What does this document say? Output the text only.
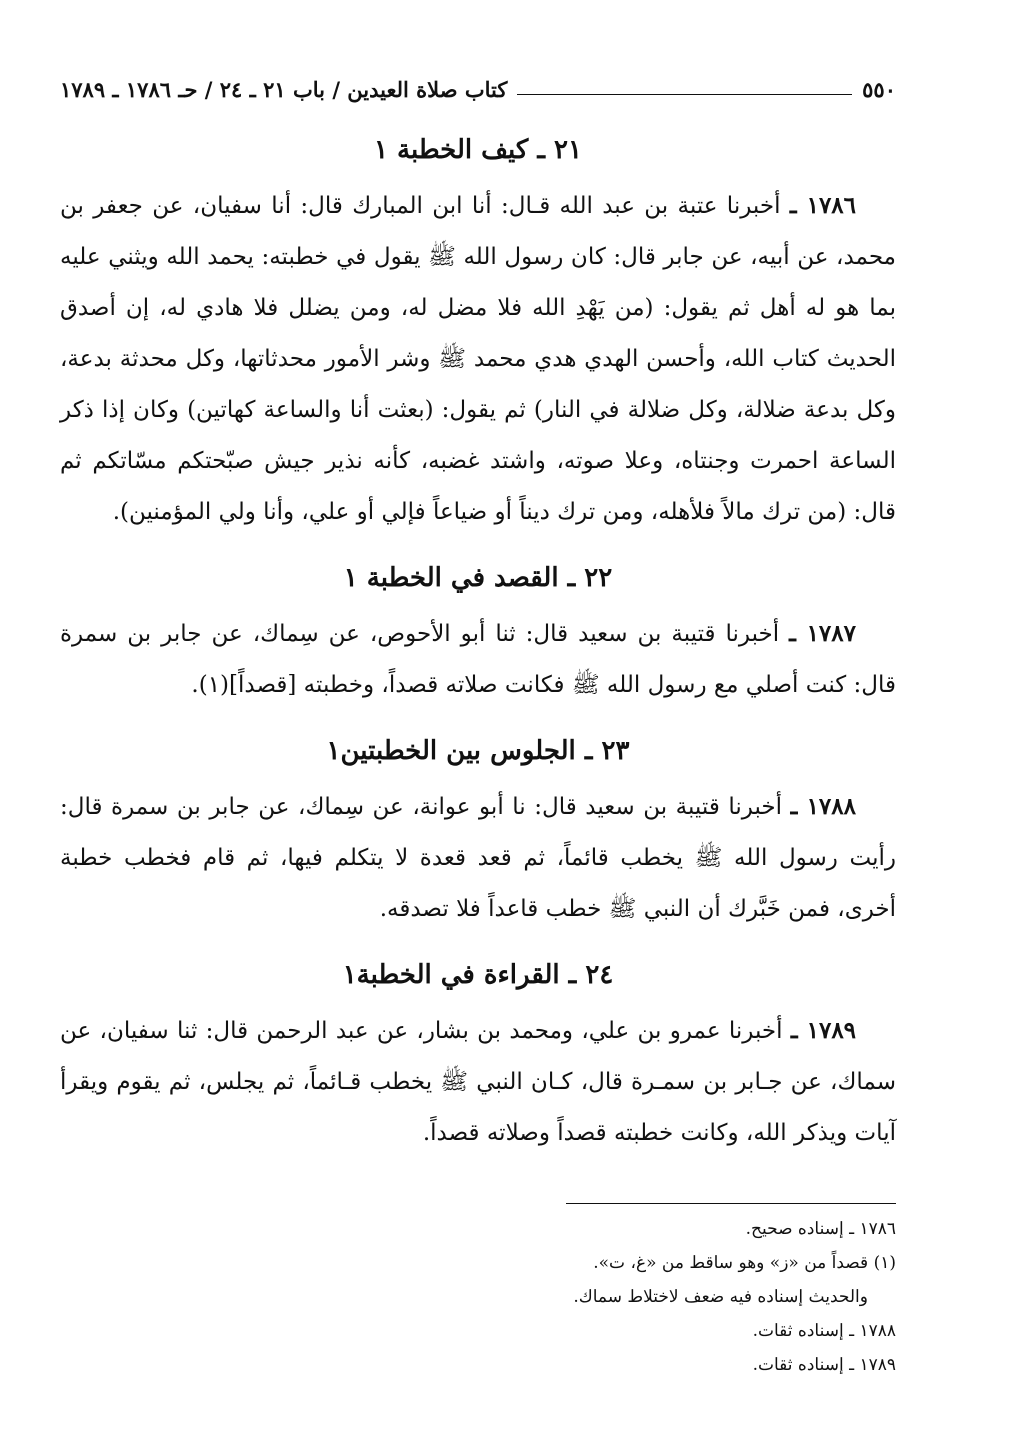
٥٥٠
كتاب صلاة العيدين / باب ٢١ ـ ٢٤ / حـ ١٧٨٦ ـ ١٧٨٩
٢١ ـ كيف الخطبة ١

١٧٨٦ ـ أخبرنا عتبة بن عبد الله قـال: أنا ابن المبارك قال: أنا سفيان، عن جعفر بن محمد، عن أبيه، عن جابر قال: كان رسول الله ﷺ يقول في خطبته: يحمد الله ويثني عليه بما هو له أهل ثم يقول: (من يَهْدِ الله فلا مضل له، ومن يضلل فلا هادي له، إن أصدق الحديث كتاب الله، وأحسن الهدي هدي محمد ﷺ وشر الأمور محدثاتها، وكل محدثة بدعة، وكل بدعة ضلالة، وكل ضلالة في النار) ثم يقول: (بعثت أنا والساعة كهاتين) وكان إذا ذكر الساعة احمرت وجنتاه، وعلا صوته، واشتد غضبه، كأنه نذير جيش صبّحتكم مسّاتكم ثم قال: (من ترك مالاً فلأهله، ومن ترك ديناً أو ضياعاً فإلي أو علي، وأنا ولي المؤمنين).

٢٢ ـ القصد في الخطبة ١

١٧٨٧ ـ أخبرنا قتيبة بن سعيد قال: ثنا أبو الأحوص، عن سِماك، عن جابر بن سمرة قال: كنت أصلي مع رسول الله ﷺ فكانت صلاته قصداً، وخطبته [قصداً](١).

٢٣ ـ الجلوس بين الخطبتين١

١٧٨٨ ـ أخبرنا قتيبة بن سعيد قال: نا أبو عوانة، عن سِماك، عن جابر بن سمرة قال: رأيت رسول الله ﷺ يخطب قائماً، ثم قعد قعدة لا يتكلم فيها، ثم قام فخطب خطبة أخرى، فمن خَبَّرك أن النبي ﷺ خطب قاعداً فلا تصدقه.

٢٤ ـ القراءة في الخطبة١

١٧٨٩ ـ أخبرنا عمرو بن علي، ومحمد بن بشار، عن عبد الرحمن قال: ثنا سفيان، عن سماك، عن جـابر بن سمـرة قال، كـان النبي ﷺ يخطب قـائماً، ثم يجلس، ثم يقوم ويقرأ آيات ويذكر الله، وكانت خطبته قصداً وصلاته قصداً.

١٧٨٦ ـ إسناده صحيح.

(١) قصداً من «ز» وهو ساقط من «غ، ت».

والحديث إسناده فيه ضعف لاختلاط سماك.

١٧٨٨ ـ إسناده ثقات.

١٧٨٩ ـ إسناده ثقات.
